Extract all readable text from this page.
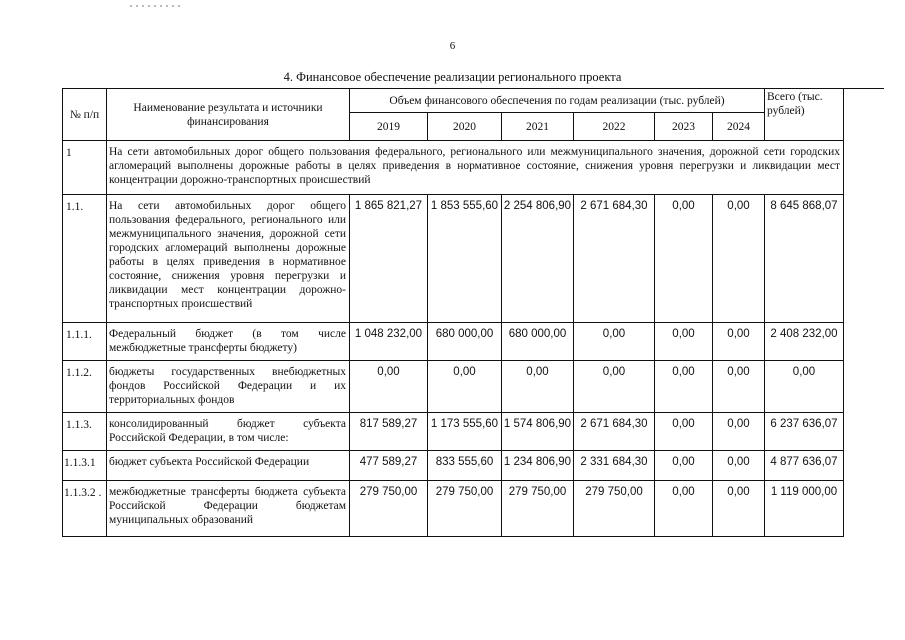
6
4. Финансовое обеспечение реализации регионального проекта
№ п/п	Наименование результата и источники финансирования	Объем финансового обеспечения по годам реализации (тыс. рублей)						Всего (тыс. рублей)
		2019	2020	2021	2022	2023	2024	
1	На сети автомобильных дорог общего пользования федерального, регионального или межмуниципального значения, дорожной сети городских агломераций выполнены дорожные работы в целях приведения в нормативное состояние, снижения уровня перегрузки и ликвидации мест концентрации дорожно-транспортных происшествий							
1.1.	На сети автомобильных дорог общего пользования федерального, регионального или межмуниципального значения, дорожной сети городских агломераций выполнены дорожные работы в целях приведения в нормативное состояние, снижения уровня перегрузки и ликвидации мест концентрации дорожно-транспортных происшествий	1 865 821,27	1 853 555,60	2 254 806,90	2 671 684,30	0,00	0,00	8 645 868,07
1.1.1.	Федеральный бюджет (в том числе межбюджетные трансферты бюджету)	1 048 232,00	680 000,00	680 000,00	0,00	0,00	0,00	2 408 232,00
1.1.2.	бюджеты государственных внебюджетных фондов Российской Федерации и их территориальных фондов	0,00	0,00	0,00	0,00	0,00	0,00	0,00
1.1.3.	консолидированный бюджет субъекта Российской Федерации, в том числе:	817 589,27	1 173 555,60	1 574 806,90	2 671 684,30	0,00	0,00	6 237 636,07
1.1.3.1	бюджет субъекта Российской Федерации	477 589,27	833 555,60	1 234 806,90	2 331 684,30	0,00	0,00	4 877 636,07
1.1.3.2 .	межбюджетные трансферты бюджета субъекта Российской Федерации бюджетам муниципальных образований	279 750,00	279 750,00	279 750,00	279 750,00	0,00	0,00	1 119 000,00
